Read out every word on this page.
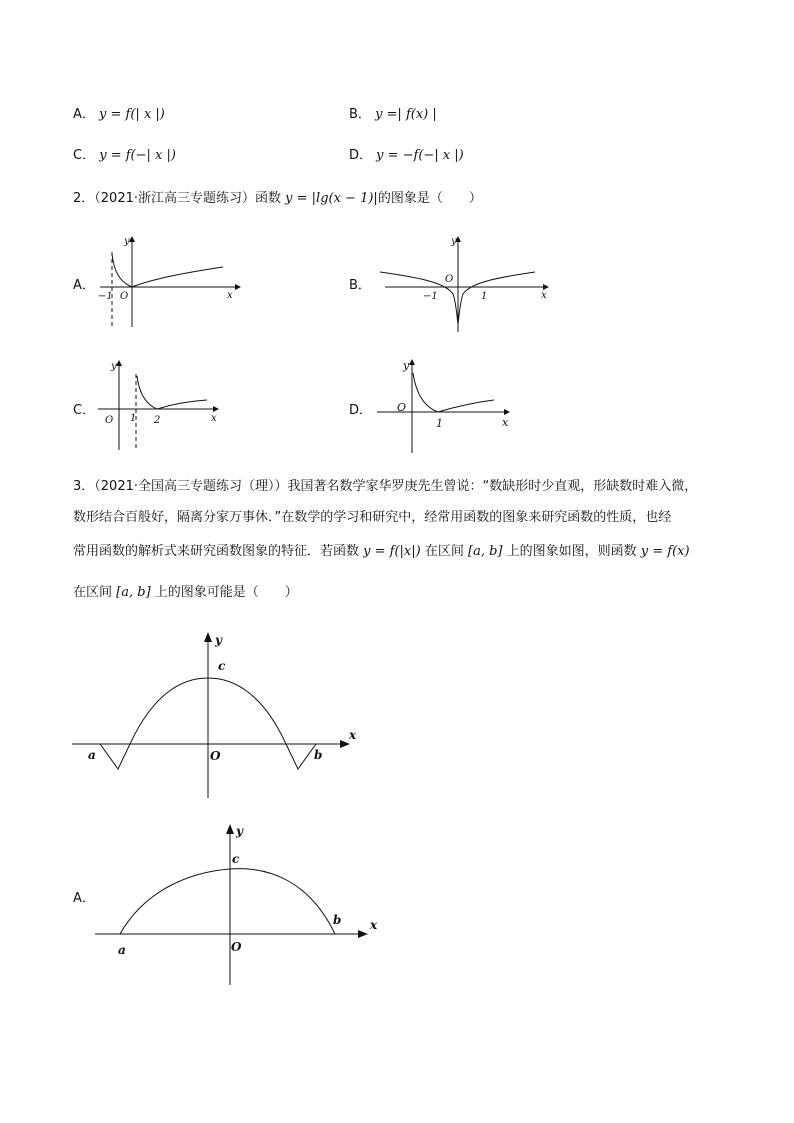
A． y = f(| x |)	B． y =| f(x) |
C． y = f(−| x |)	D． y = −f(−| x |)
2．（2021·浙江高三专题练习）函数 y = |lg(x − 1)|的图象是（　　）
A．
y
x
−1 O
B．
y
x
−1
O
1
C．
y
x
O 1 2
D．
y
x
O
1
3．（2021·全国高三专题练习（理））我国著名数学家华罗庚先生曾说：“数缺形时少直观，形缺数时难入微，
数形结合百般好，隔离分家万事休．”在数学的学习和研究中，经常用函数的图象来研究函数的性质，也经
常用函数的解析式来研究函数图象的特征．若函数 y = f(|x|) 在区间 [a, b] 上的图象如图，则函数 y = f(x)
在区间 [a, b] 上的图象可能是（　　）
y
x
c
a	b
O
A．
y
x
c
a
b
O
